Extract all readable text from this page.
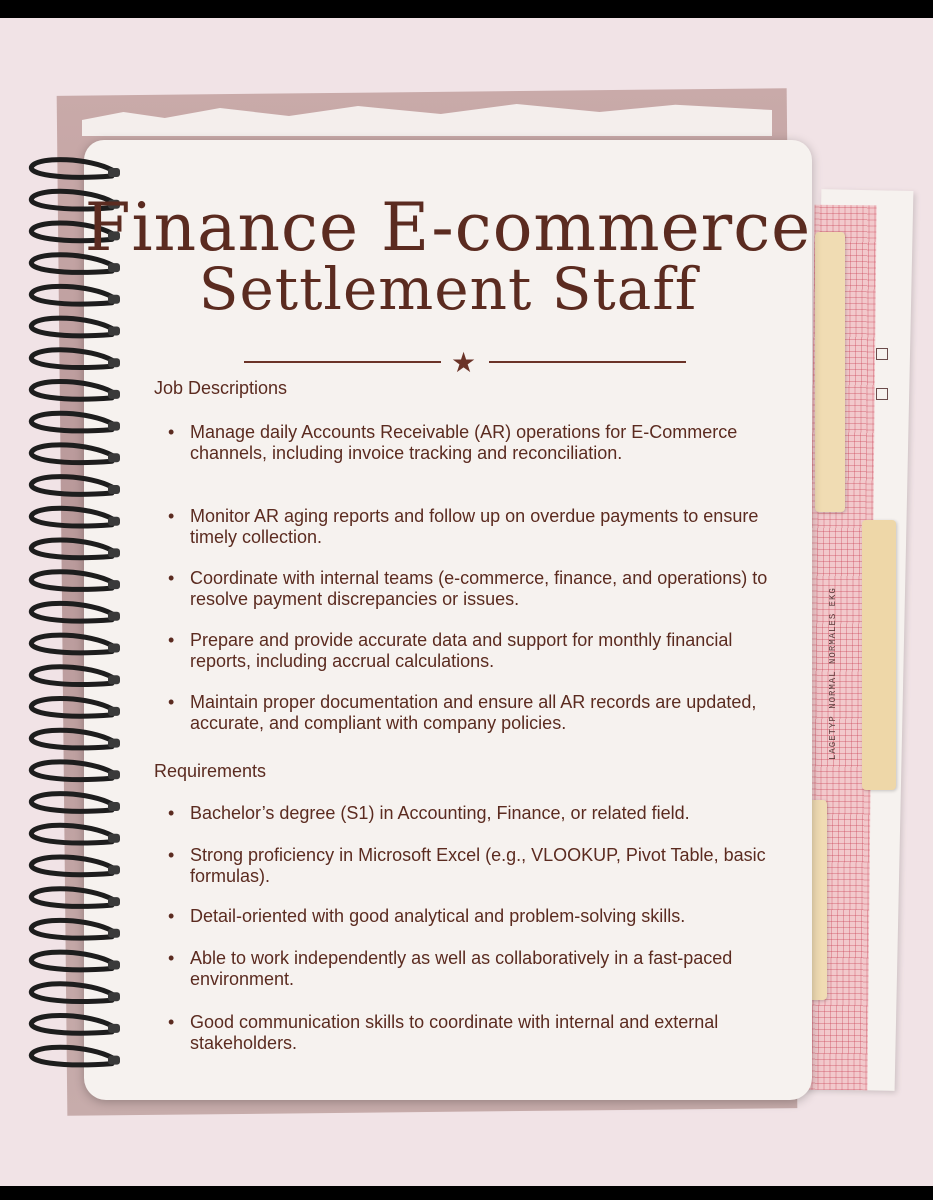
LAGETYP NORMAL NORMALES EKG
Finance E-commerce
Settlement Staff
★
Job Descriptions
• Manage daily Accounts Receivable (AR) operations for E-Commerce channels, including invoice tracking and reconciliation.
• Monitor AR aging reports and follow up on overdue payments to ensure timely collection.
• Coordinate with internal teams (e-commerce, finance, and operations) to resolve payment discrepancies or issues.
• Prepare and provide accurate data and support for monthly financial reports, including accrual calculations.
• Maintain proper documentation and ensure all AR records are updated, accurate, and compliant with company policies.
Requirements
• Bachelor’s degree (S1) in Accounting, Finance, or related field.
• Strong proficiency in Microsoft Excel (e.g., VLOOKUP, Pivot Table, basic formulas).
• Detail-oriented with good analytical and problem-solving skills.
• Able to work independently as well as collaboratively in a fast-paced environment.
• Good communication skills to coordinate with internal and external stakeholders.
